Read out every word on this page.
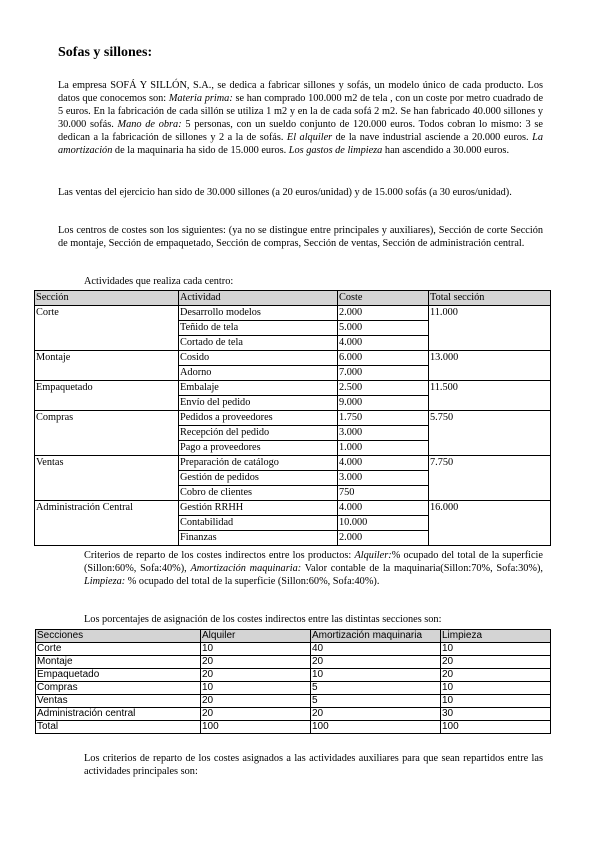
Sofas y sillones:

La empresa SOFÁ Y SILLÓN, S.A., se dedica a fabricar sillones y sofás, un modelo único de cada producto. Los datos que conocemos son: Materia prima: se han comprado 100.000 m2 de tela , con un coste por metro cuadrado de 5 euros. En la fabricación de cada sillón se utiliza 1 m2 y en la de cada sofá 2 m2. Se han fabricado 40.000 sillones y 30.000 sofás. Mano de obra: 5 personas, con un sueldo conjunto de 120.000 euros. Todos cobran lo mismo: 3 se dedican a la fabricación de sillones y 2 a la de sofás. El alquiler de la nave industrial asciende a 20.000 euros. La amortización de la maquinaria ha sido de 15.000 euros. Los gastos de limpieza han ascendido a 30.000 euros.

Las ventas del ejercicio han sido de 30.000 sillones (a 20 euros/unidad) y de 15.000 sofás (a 30 euros/unidad).

Los centros de costes son los siguientes: (ya no se distingue entre principales y auxiliares), Sección de corte Sección de montaje, Sección de empaquetado, Sección de compras, Sección de ventas, Sección de administración central.

Actividades que realiza cada centro:
Sección	Actividad	Coste	Total sección
Corte	Desarrollo modelos	2.000	11.000
	Teñido de tela	5.000	
	Cortado de tela	4.000	
Montaje	Cosido	6.000	13.000
	Adorno	7.000	
Empaquetado	Embalaje	2.500	11.500
	Envío del pedido	9.000	
Compras	Pedidos a proveedores	1.750	5.750
	Recepción del pedido	3.000	
	Pago a proveedores	1.000	
Ventas	Preparación de catálogo	4.000	7.750
	Gestión de pedidos	3.000	
	Cobro de clientes	750	
Administración Central	Gestión RRHH	4.000	16.000
	Contabilidad	10.000	
	Finanzas	2.000	

Criterios de reparto de los costes indirectos entre los productos: Alquiler:% ocupado del total de la superficie (Sillon:60%, Sofa:40%), Amortización maquinaria: Valor contable de la maquinaria(Sillon:70%, Sofa:30%), Limpieza: % ocupado del total de la superficie (Sillon:60%, Sofa:40%).

Los porcentajes de asignación de los costes indirectos entre las distintas secciones son:
Secciones	Alquiler	Amortización maquinaria	Limpieza
Corte	10	40	10
Montaje	20	20	20
Empaquetado	20	10	20
Compras	10	5	10
Ventas	20	5	10
Administración central	20	20	30
Total	100	100	100

Los criterios de reparto de los costes asignados a las actividades auxiliares para que sean repartidos entre las actividades principales son:
